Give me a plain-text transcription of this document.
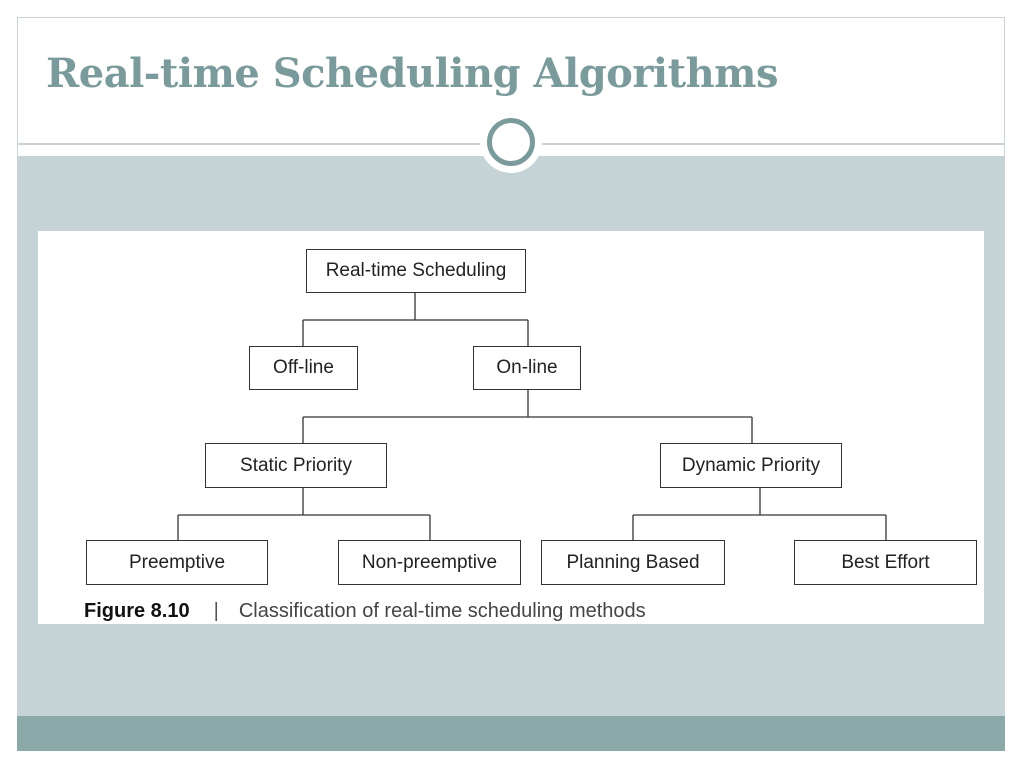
Real-time Scheduling Algorithms
Real-time Scheduling
Off-line	On-line
Static Priority	Dynamic Priority
Preemptive	Non-preemptive	Planning Based	Best Effort
Figure 8.10 | Classification of real-time scheduling methods
